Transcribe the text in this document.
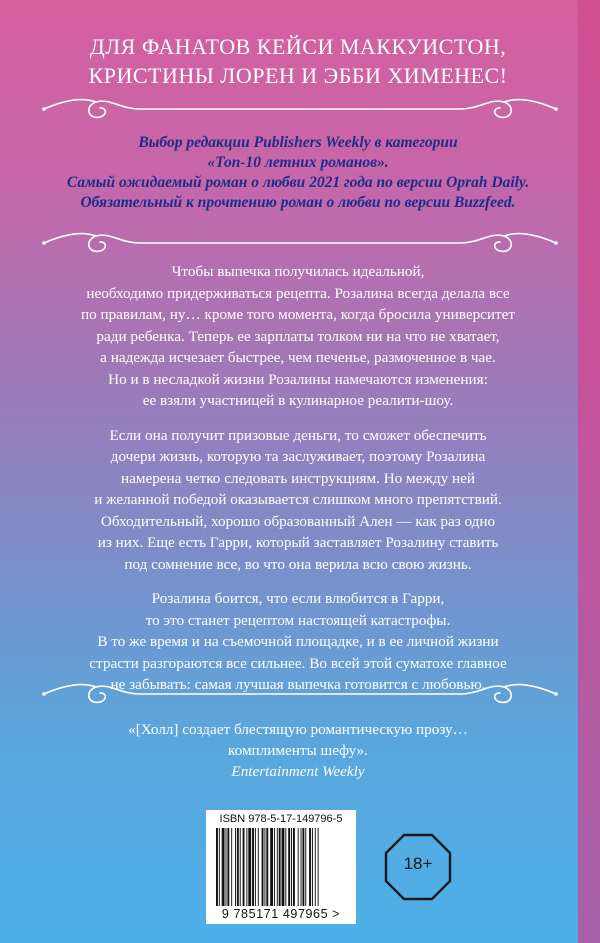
ДЛЯ ФАНАТОВ КЕЙСИ МАККУИСТОН,
КРИСТИНЫ ЛОРЕН И ЭББИ ХИМЕНЕС!
Выбор редакции Publishers Weekly в категории
«Топ-10 летних романов».
Самый ожидаемый роман о любви 2021 года по версии Oprah Daily.
Обязательный к прочтению роман о любви по версии Buzzfeed.

Чтобы выпечка получилась идеальной,
необходимо придерживаться рецепта. Розалина всегда делала все
по правилам, ну… кроме того момента, когда бросила университет
ради ребенка. Теперь ее зарплаты толком ни на что не хватает,
а надежда исчезает быстрее, чем печенье, размоченное в чае.
Но и в несладкой жизни Розалины намечаются изменения:
ее взяли участницей в кулинарное реалити-шоу.

Если она получит призовые деньги, то сможет обеспечить
дочери жизнь, которую та заслуживает, поэтому Розалина
намерена четко следовать инструкциям. Но между ней
и желанной победой оказывается слишком много препятствий.
Обходительный, хорошо образованный Ален — как раз одно
из них. Еще есть Гарри, который заставляет Розалину ставить
под сомнение все, во что она верила всю свою жизнь.

Розалина боится, что если влюбится в Гарри,
то это станет рецептом настоящей катастрофы.
В то же время и на съемочной площадке, и в ее личной жизни
страсти разгораются все сильнее. Во всей этой суматохе главное
не забывать: самая лучшая выпечка готовится с любовью.

«[Холл] создает блестящую романтическую прозу…
комплименты шефу».
Entertainment Weekly
ISBN 978-5-17-149796-5
9 785171 497965 >
18+
